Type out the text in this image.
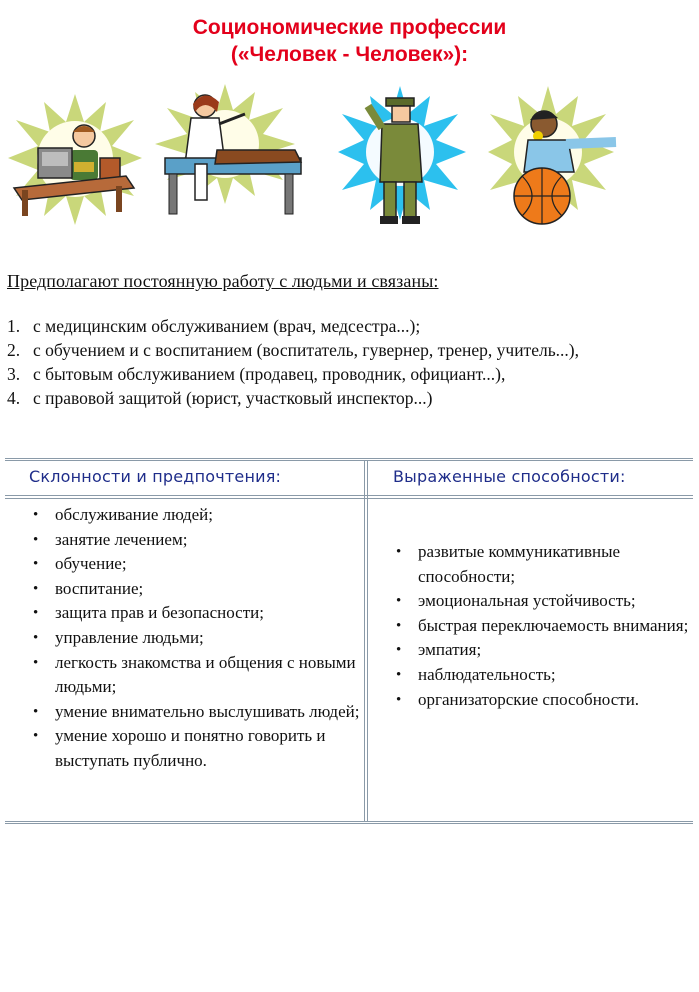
Социономические профессии
(«Человек - Человек»):
Предполагают постоянную работу с людьми и связаны:
1. с медицинским обслуживанием (врач, медсестра...);
2. с обучением и с воспитанием (воспитатель, гувернер, тренер, учитель...),
3. с бытовым обслуживанием (продавец, проводник, официант...),
4. с правовой защитой (юрист, участковый инспектор...)
Склонности и предпочтения:	Выраженные способности:
• обслуживание людей;
• занятие лечением;
• обучение;
• воспитание;
• защита прав и безопасности;
• управление людьми;
• легкость знакомства и общения с новыми людьми;
• умение внимательно выслушивать людей;
• умение хорошо и понятно говорить и выступать публично.
• развитые коммуникативные способности;
• эмоциональная устойчивость;
• быстрая переключаемость внимания;
• эмпатия;
• наблюдательность;
• организаторские способности.
